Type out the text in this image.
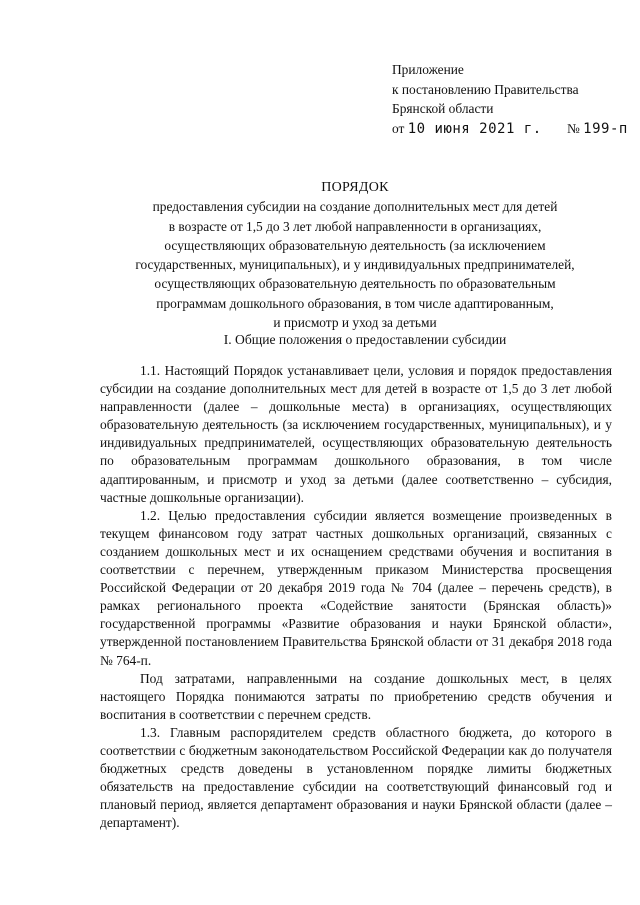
Приложение
к постановлению Правительства
Брянской области
от 10 июня 2021 г. № 199-п
ПОРЯДОК
предоставления субсидии на создание дополнительных мест для детей
в возрасте от 1,5 до 3 лет любой направленности в организациях,
осуществляющих образовательную деятельность (за исключением
государственных, муниципальных), и у индивидуальных предпринимателей,
осуществляющих образовательную деятельность по образовательным
программам дошкольного образования, в том числе адаптированным,
и присмотр и уход за детьми
I. Общие положения о предоставлении субсидии

1.1. Настоящий Порядок устанавливает цели, условия и порядок предоставления субсидии на создание дополнительных мест для детей в возрасте от 1,5 до 3 лет любой направленности (далее – дошкольные места) в организациях, осуществляющих образовательную деятельность (за исключением государственных, муниципальных), и у индивидуальных предпринимателей, осуществляющих образовательную деятельность по образовательным программам дошкольного образования, в том числе адаптированным, и присмотр и уход за детьми (далее соответственно – субсидия, частные дошкольные организации).

1.2. Целью предоставления субсидии является возмещение произведенных в текущем финансовом году затрат частных дошкольных организаций, связанных с созданием дошкольных мест и их оснащением средствами обучения и воспитания в соответствии с перечнем, утвержденным приказом Министерства просвещения Российской Федерации от 20 декабря 2019 года № 704 (далее – перечень средств), в рамках регионального проекта «Содействие занятости (Брянская область)» государственной программы «Развитие образования и науки Брянской области», утвержденной постановлением Правительства Брянской области от 31 декабря 2018 года № 764-п.

Под затратами, направленными на создание дошкольных мест, в целях настоящего Порядка понимаются затраты по приобретению средств обучения и воспитания в соответствии с перечнем средств.

1.3. Главным распорядителем средств областного бюджета, до которого в соответствии с бюджетным законодательством Российской Федерации как до получателя бюджетных средств доведены в установленном порядке лимиты бюджетных обязательств на предоставление субсидии на соответствующий финансовый год и плановый период, является департамент образования и науки Брянской области (далее – департамент).
